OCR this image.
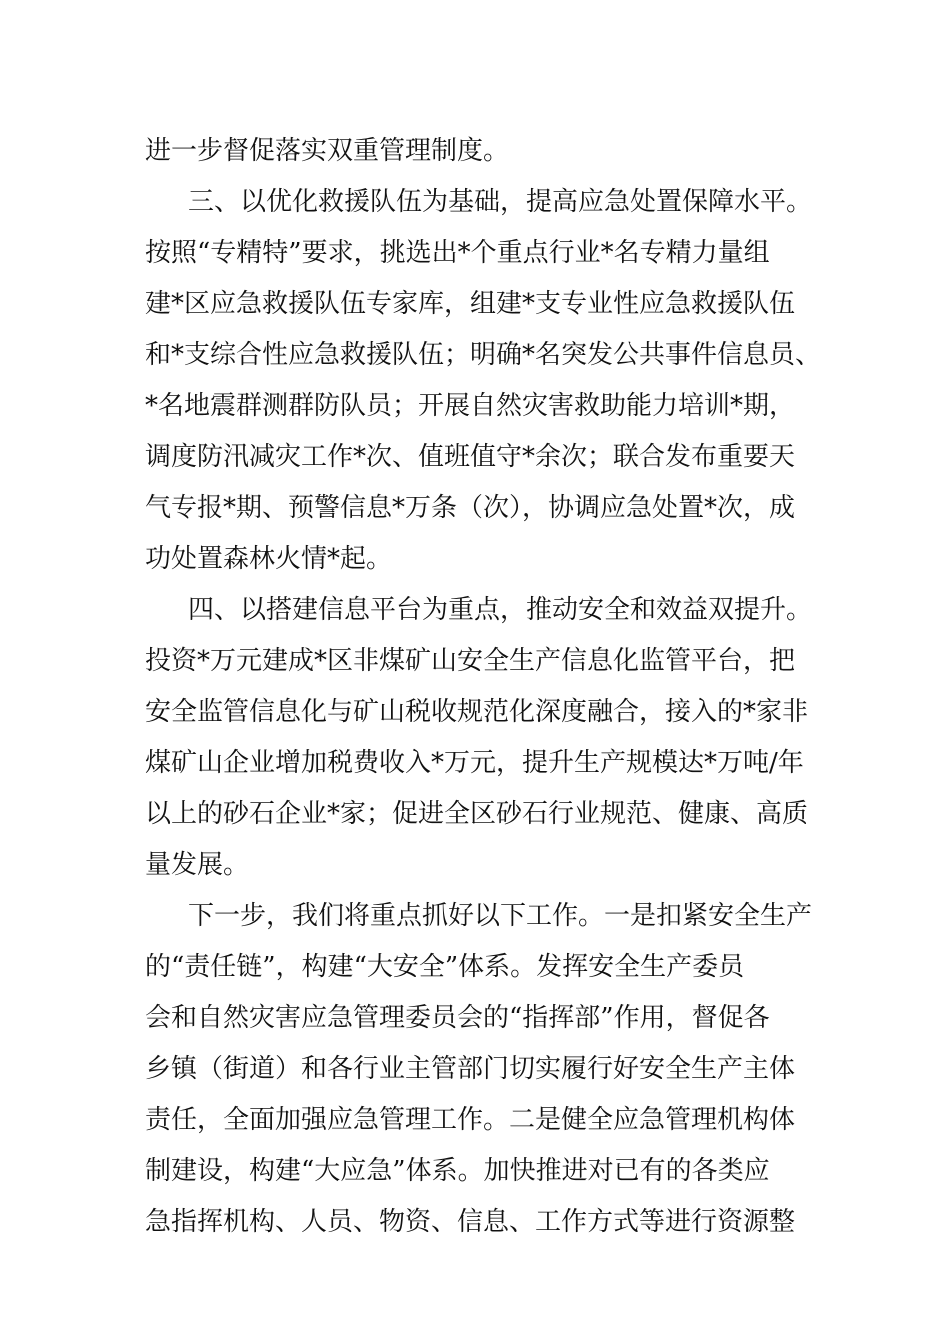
进一步督促落实双重管理制度。
三、以优化救援队伍为基础，提高应急处置保障水平。
按照“专精特”要求，挑选出*个重点行业*名专精力量组
建*区应急救援队伍专家库，组建*支专业性应急救援队伍
和*支综合性应急救援队伍；明确*名突发公共事件信息员、
*名地震群测群防队员；开展自然灾害救助能力培训*期，
调度防汛减灾工作*次、值班值守*余次；联合发布重要天
气专报*期、预警信息*万条（次），协调应急处置*次，成
功处置森林火情*起。
四、以搭建信息平台为重点，推动安全和效益双提升。
投资*万元建成*区非煤矿山安全生产信息化监管平台，把
安全监管信息化与矿山税收规范化深度融合，接入的*家非
煤矿山企业增加税费收入*万元，提升生产规模达*万吨/年
以上的砂石企业*家；促进全区砂石行业规范、健康、高质
量发展。
下一步，我们将重点抓好以下工作。一是扣紧安全生产
的“责任链”，构建“大安全”体系。发挥安全生产委员
会和自然灾害应急管理委员会的“指挥部”作用，督促各
乡镇（街道）和各行业主管部门切实履行好安全生产主体
责任，全面加强应急管理工作。二是健全应急管理机构体
制建设，构建“大应急”体系。加快推进对已有的各类应
急指挥机构、人员、物资、信息、工作方式等进行资源整
